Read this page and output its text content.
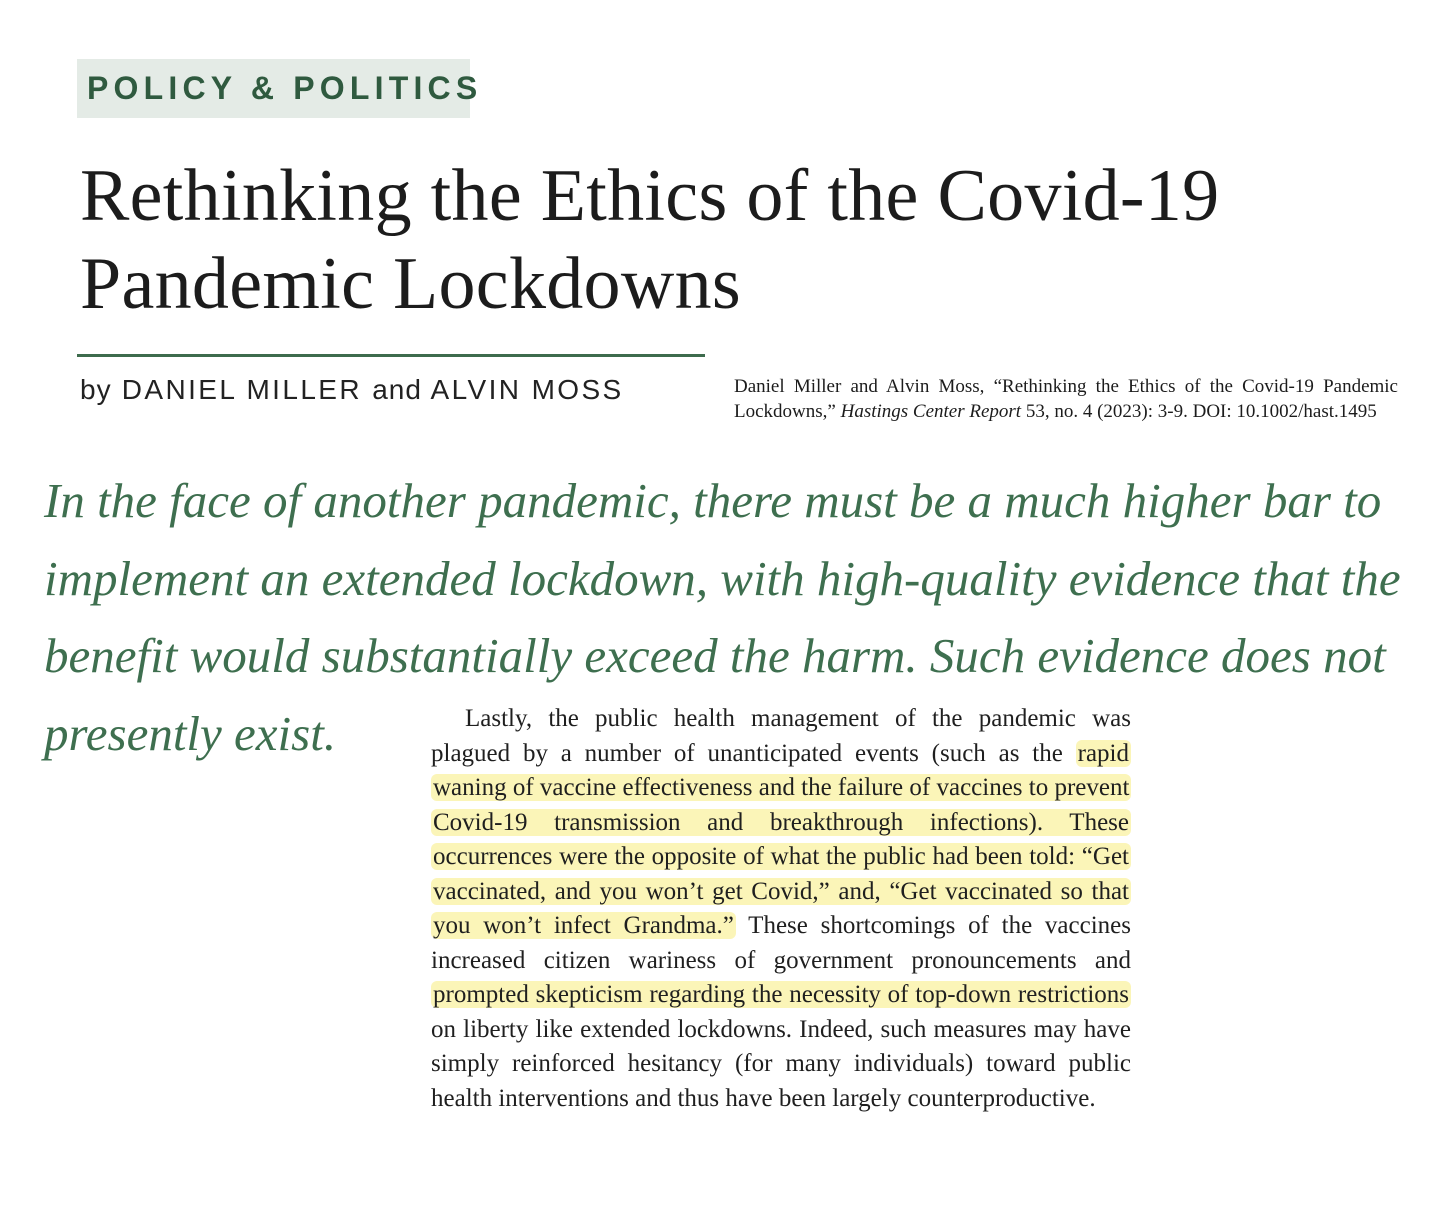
POLICY & POLITICS
Rethinking the Ethics of the Covid-19 Pandemic Lockdowns
by DANIEL MILLER and ALVIN MOSS	Daniel Miller and Alvin Moss, “Rethinking the Ethics of the Covid-19 Pandemic Lockdowns,” Hastings Center Report 53, no. 4 (2023): 3-9. DOI: 10.1002/hast.1495

In the face of another pandemic, there must be a much higher bar to implement an extended lockdown, with high-quality evidence that the benefit would substantially exceed the harm. Such evidence does not presently exist.	Lastly, the public health management of the pandemic was plagued by a number of unanticipated events (such as the rapid waning of vaccine effectiveness and the failure of vaccines to prevent Covid-19 transmission and breakthrough infections). These occurrences were the opposite of what the public had been told: “Get vaccinated, and you won’t get Covid,” and, “Get vaccinated so that you won’t infect Grandma.” These shortcomings of the vaccines increased citizen wariness of government pronouncements and prompted skepticism regarding the necessity of top-down restrictions on liberty like extended lockdowns. Indeed, such measures may have simply reinforced hesitancy (for many individuals) toward public health interventions and thus have been largely counterproductive.
